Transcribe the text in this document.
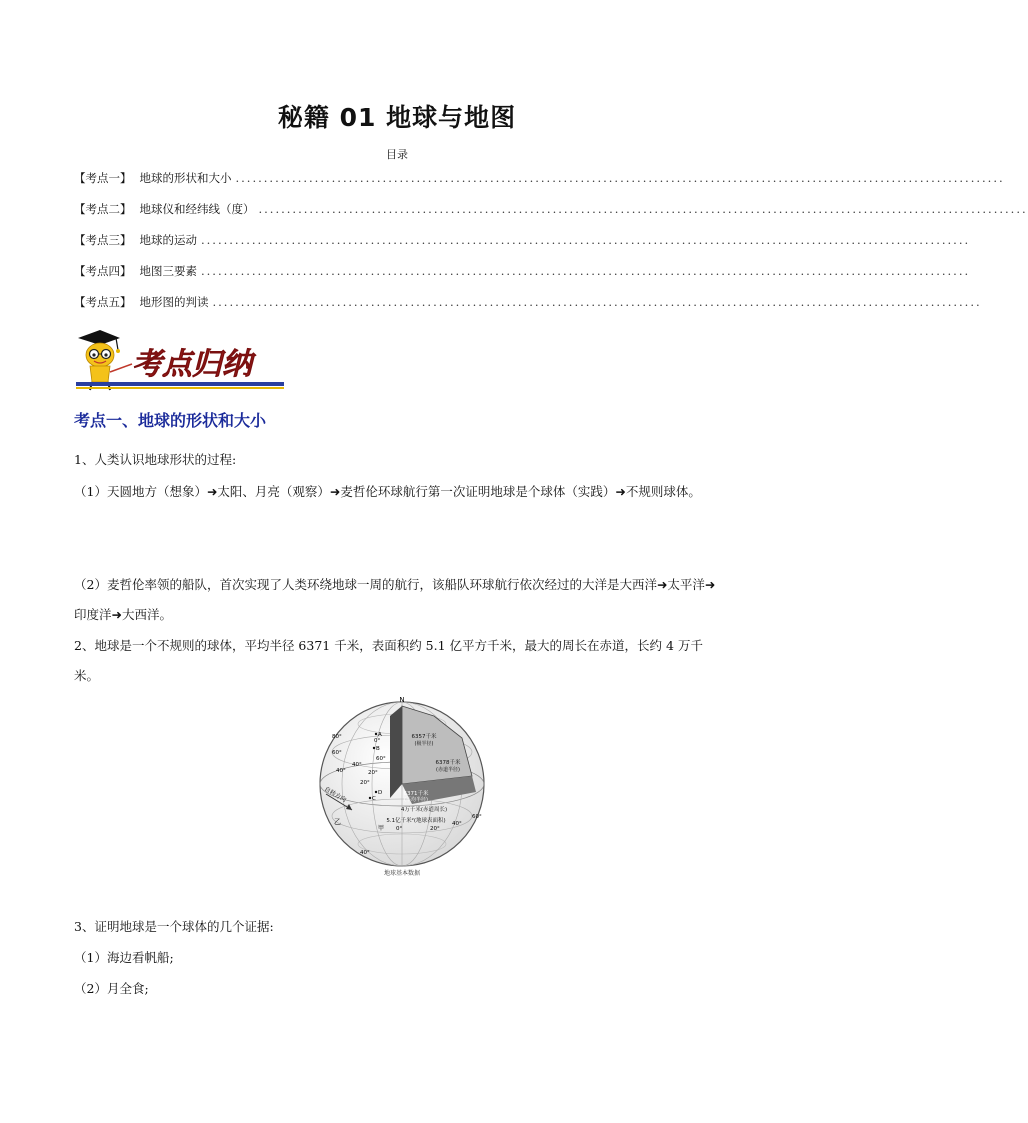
秘籍 01 地球与地图
目录
【考点一】 地球的形状和大小 ........................................................................................................................................
【考点二】 地球仪和经纬线（度） ........................................................................................................................................
【考点三】 地球的运动 ........................................................................................................................................
【考点四】 地图三要素 ........................................................................................................................................
【考点五】 地形图的判读 ........................................................................................................................................
考点归纳
考点一、地球的形状和大小
1、人类认识地球形状的过程:
（1）天圆地方（想象）➜太阳、月亮（观察）➜麦哲伦环球航行第一次证明地球是个球体（实践）➜不规则球体。
（2）麦哲伦率领的船队，首次实现了人类环绕地球一周的航行，该船队环球航行依次经过的大洋是大西洋➜太平洋➜印度洋➜大西洋。
2、地球是一个不规则的球体，平均半径 6371 千米，表面积约 5.1 亿平方千米，最大的周长在赤道，长约 4 万千米。
N
6357千米
(极半径)
6378千米
(赤道半径)
6371千米
(平均半径)
4万千米(赤道周长)
5.1亿千米²(地球表面积)
60°
40°
20°
0°
80°
60°
40°
20°
0°	20°
40°
60°
40°
A
B
C
D
甲
乙
自转方向
地球基本数据
3、证明地球是一个球体的几个证据:
（1）海边看帆船;
（2）月全食;
